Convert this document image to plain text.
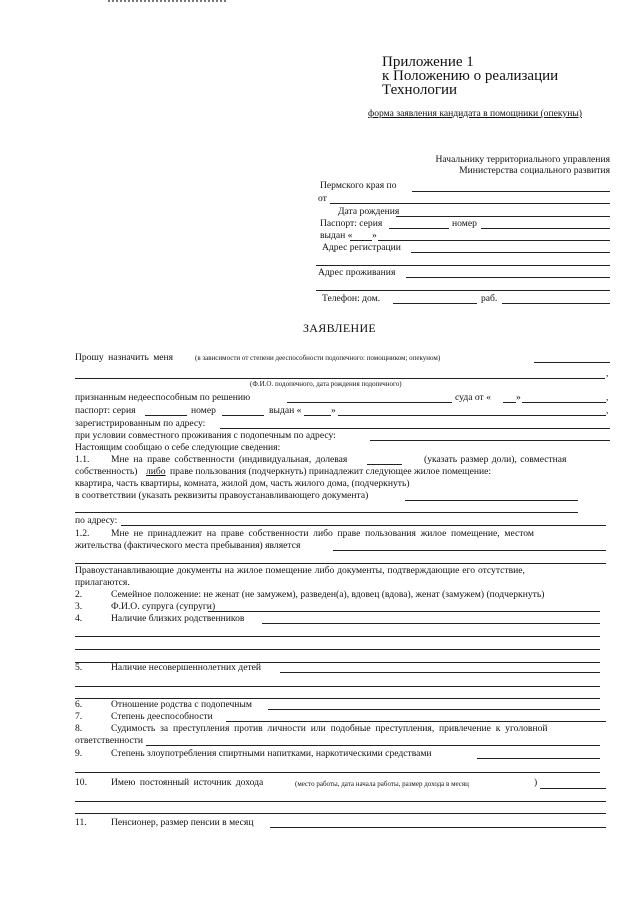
Приложение 1
к Положению о реализации
Технологии
форма заявления кандидата в помощники (опекуны)
Начальнику территориального управления
Министерства социального развития
Пермского края по
от
Дата рождения
Паспорт: серия	номер
выдан « »
Адрес регистрации
Адрес проживания
Телефон: дом.	раб.
ЗАЯВЛЕНИЕ
Прошу назначить меня	(в зависимости от степени дееспособности подопечного: помощником; опекуном)
,
(Ф.И.О. подопечного, дата рождения подопечного)
признанным недееспособным по решению	суда от «	»	,
паспорт: серия	номер	выдан «	»	,
зарегистрированным по адресу:
при условии совместного проживания с подопечным по адресу:
Настоящим сообщаю о себе следующие сведения:
1.1. Мне на праве собственности (индивидуальная, долевая	(указать размер доли), совместная
собственность) либо праве пользования (подчеркнуть) принадлежит следующее жилое помещение:
квартира, часть квартиры, комната, жилой дом, часть жилого дома, (подчеркнуть)
в соответствии (указать реквизиты правоустанавливающего документа)
по адресу:
1.2. Мне не принадлежит на праве собственности либо праве пользования жилое помещение, местом
жительства (фактического места пребывания) является
Правоустанавливающие документы на жилое помещение либо документы, подтверждающие его отсутствие,
прилагаются.
2.	Семейное положение: не женат (не замужем), разведен(а), вдовец (вдова), женат (замужем) (подчеркнуть)
3.	Ф.И.О. супруга (супруги)
4.	Наличие близких родственников
5.	Наличие несовершеннолетних детей
6.	Отношение родства с подопечным
7.	Степень дееспособности
8.	Судимость за преступления против личности или подобные преступления, привлечение к уголовной
ответственности
9.	Степень злоупотребления спиртными напитками, наркотическими средствами
10.	Имею постоянный источник дохода	(место работы, дата начала работы, размер дохода в месяц	)
11.	Пенсионер, размер пенсии в месяц
